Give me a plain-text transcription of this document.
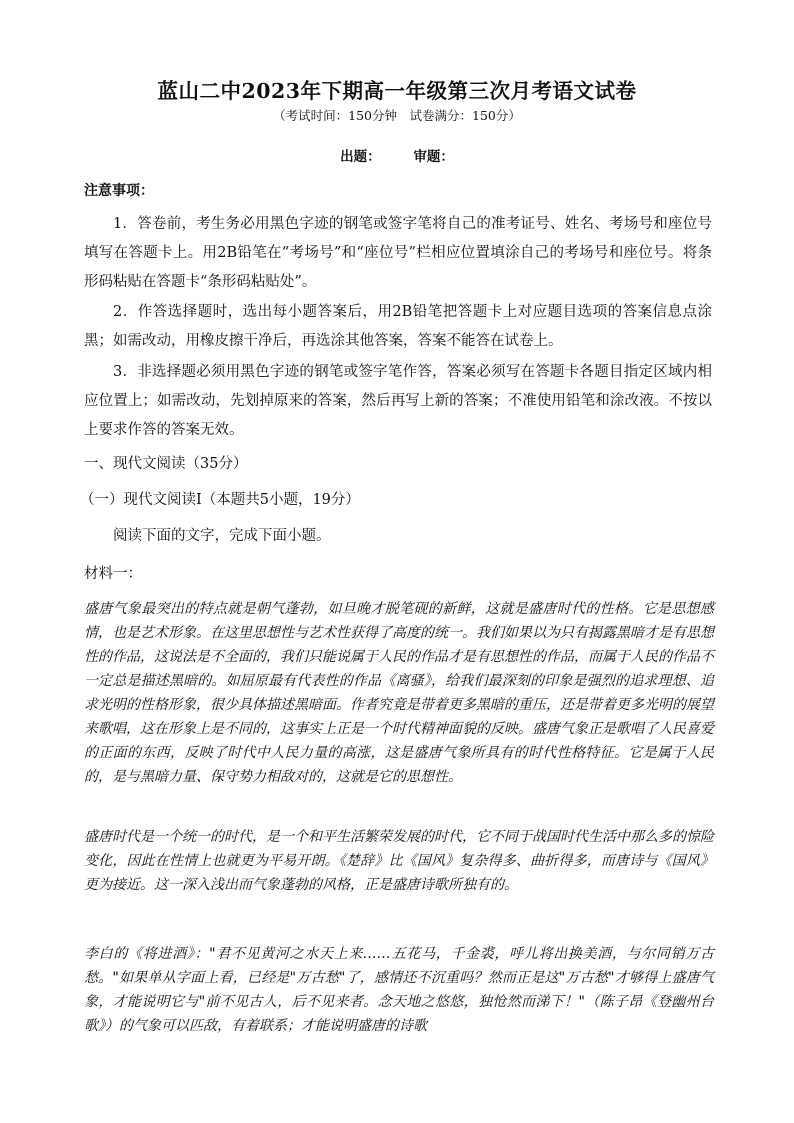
蓝山二中2023年下期高一年级第三次月考语文试卷
（考试时间：150分钟　试卷满分：150分）
出题： 审题：
注意事项：

1．答卷前，考生务必用黑色字迹的钢笔或签字笔将自己的准考证号、姓名、考场号和座位号填写在答题卡上。用2B铅笔在“考场号”和“座位号”栏相应位置填涂自己的考场号和座位号。将条形码粘贴在答题卡“条形码粘贴处”。

2．作答选择题时，选出每小题答案后，用2B铅笔把答题卡上对应题目选项的答案信息点涂黑；如需改动，用橡皮擦干净后，再选涂其他答案，答案不能答在试卷上。

3．非选择题必须用黑色字迹的钢笔或签字笔作答，答案必须写在答题卡各题目指定区域内相应位置上；如需改动，先划掉原来的答案，然后再写上新的答案；不准使用铅笔和涂改液。不按以上要求作答的答案无效。

一、现代文阅读（35分）

（一）现代文阅读Ⅰ（本题共5小题，19分）

阅读下面的文字，完成下面小题。

材料一：

盛唐气象最突出的特点就是朝气蓬勃，如旦晚才脱笔砚的新鲜，这就是盛唐时代的性格。它是思想感情，也是艺术形象。在这里思想性与艺术性获得了高度的统一。我们如果以为只有揭露黑暗才是有思想性的作品，这说法是不全面的，我们只能说属于人民的作品才是有思想性的作品，而属于人民的作品不一定总是描述黑暗的。如屈原最有代表性的作品《离骚》，给我们最深刻的印象是强烈的追求理想、追求光明的性格形象，很少具体描述黑暗面。作者究竟是带着更多黑暗的重压，还是带着更多光明的展望来歌唱，这在形象上是不同的，这事实上正是一个时代精神面貌的反映。盛唐气象正是歌唱了人民喜爱的正面的东西，反映了时代中人民力量的高涨，这是盛唐气象所具有的时代性格特征。它是属于人民的，是与黑暗力量、保守势力相敌对的，这就是它的思想性。

盛唐时代是一个统一的时代，是一个和平生活繁荣发展的时代，它不同于战国时代生活中那么多的惊险变化，因此在性情上也就更为平易开朗。《楚辞》比《国风》复杂得多、曲折得多，而唐诗与《国风》更为接近。这一深入浅出而气象蓬勃的风格，正是盛唐诗歌所独有的。

李白的《将进酒》："君不见黄河之水天上来……五花马，千金裘，呼儿将出换美酒，与尔同销万古愁。"如果单从字面上看，已经是"万古愁"了，感情还不沉重吗？然而正是这"万古愁"才够得上盛唐气象，才能说明它与"前不见古人，后不见来者。念天地之悠悠，独怆然而涕下！"（陈子昂《登幽州台歌》）的气象可以匹敌，有着联系；才能说明盛唐的诗歌
